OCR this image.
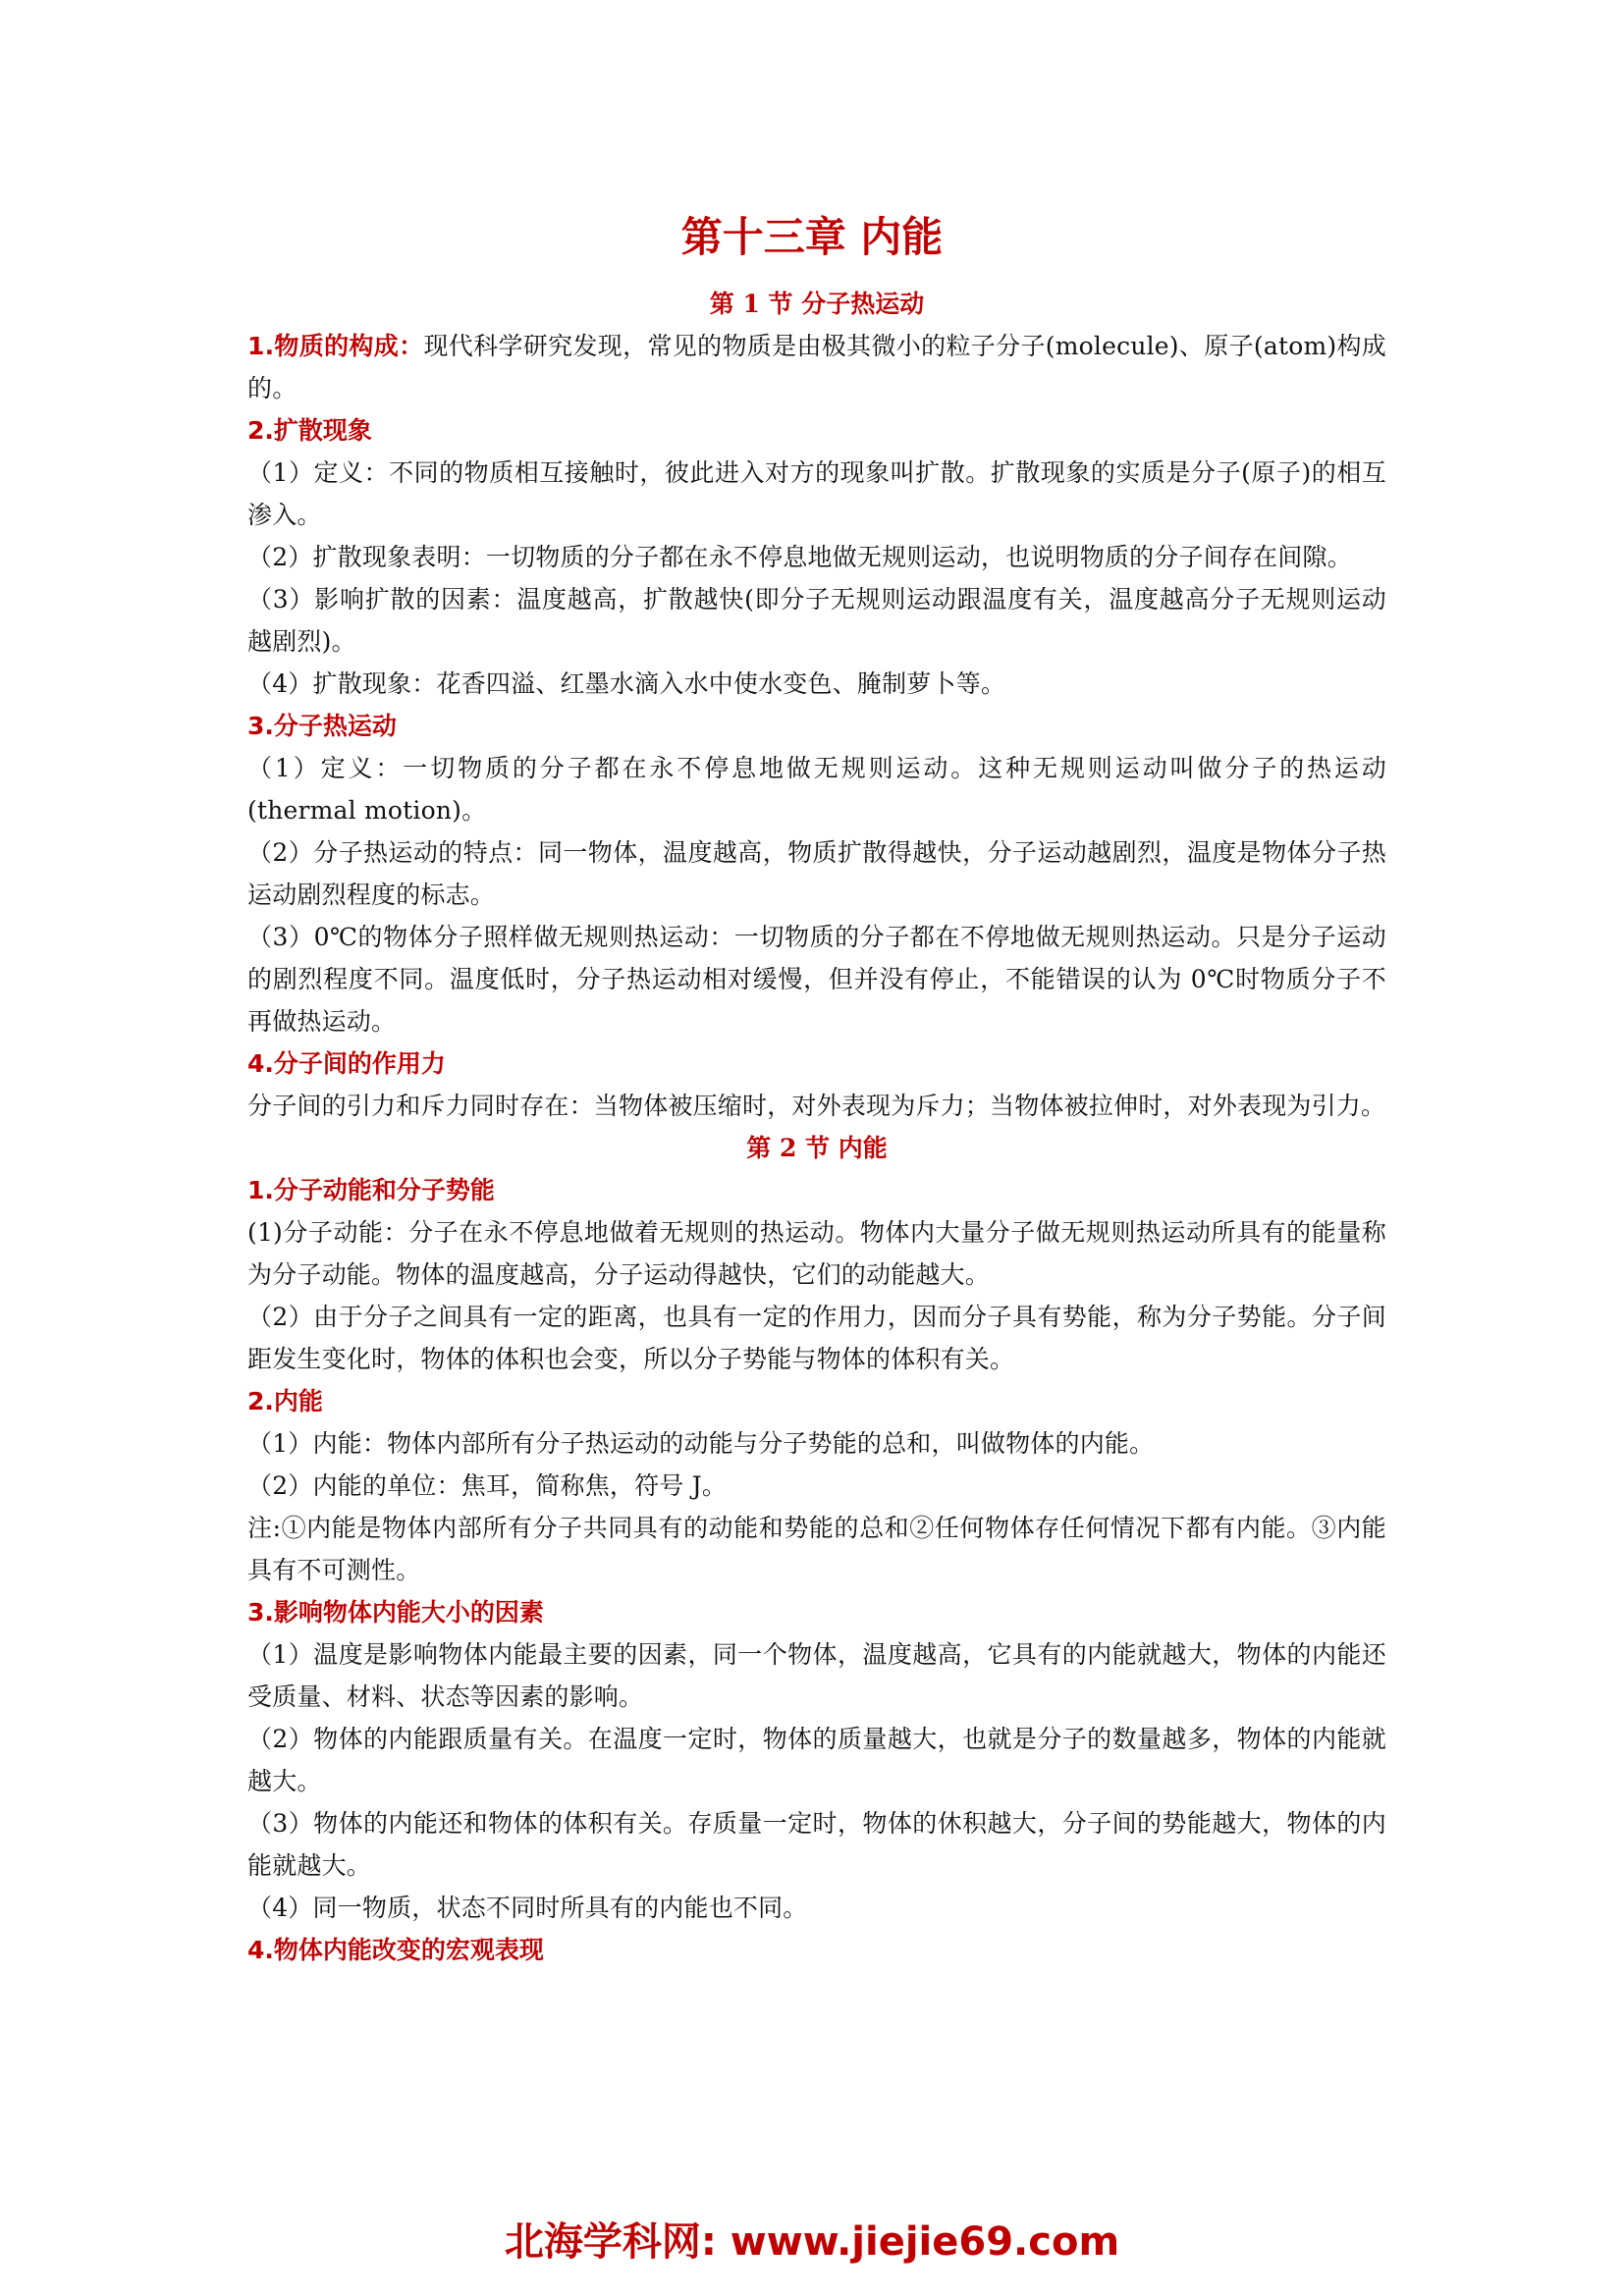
第十三章 内能
第 1 节 分子热运动

1.物质的构成：现代科学研究发现，常见的物质是由极其微小的粒子分子(molecule)、原子(atom)构成的。

2.扩散现象

（1）定义：不同的物质相互接触时，彼此进入对方的现象叫扩散。扩散现象的实质是分子(原子)的相互渗入。

（2）扩散现象表明：一切物质的分子都在永不停息地做无规则运动，也说明物质的分子间存在间隙。

（3）影响扩散的因素：温度越高，扩散越快(即分子无规则运动跟温度有关，温度越高分子无规则运动越剧烈)。

（4）扩散现象：花香四溢、红墨水滴入水中使水变色、腌制萝卜等。

3.分子热运动

（1）定义：一切物质的分子都在永不停息地做无规则运动。这种无规则运动叫做分子的热运动(thermal motion)。

（2）分子热运动的特点：同一物体，温度越高，物质扩散得越快，分子运动越剧烈，温度是物体分子热运动剧烈程度的标志。

（3）0℃的物体分子照样做无规则热运动：一切物质的分子都在不停地做无规则热运动。只是分子运动的剧烈程度不同。温度低时，分子热运动相对缓慢，但并没有停止，不能错误的认为 0℃时物质分子不再做热运动。

4.分子间的作用力

分子间的引力和斥力同时存在：当物体被压缩时，对外表现为斥力；当物体被拉伸时，对外表现为引力。

第 2 节 内能
1.分子动能和分子势能

(1)分子动能：分子在永不停息地做着无规则的热运动。物体内大量分子做无规则热运动所具有的能量称为分子动能。物体的温度越高，分子运动得越快，它们的动能越大。

（2）由于分子之间具有一定的距离，也具有一定的作用力，因而分子具有势能，称为分子势能。分子间距发生变化时，物体的体积也会变，所以分子势能与物体的体积有关。

2.内能

（1）内能：物体内部所有分子热运动的动能与分子势能的总和，叫做物体的内能。

（2）内能的单位：焦耳，简称焦，符号 J。

注:①内能是物体内部所有分子共同具有的动能和势能的总和②任何物体存任何情况下都有内能。③内能具有不可测性。

3.影响物体内能大小的因素

（1）温度是影响物体内能最主要的因素，同一个物体，温度越高，它具有的内能就越大，物体的内能还受质量、材料、状态等因素的影响。

（2）物体的内能跟质量有关。在温度一定时，物体的质量越大，也就是分子的数量越多，物体的内能就越大。

（3）物体的内能还和物体的体积有关。存质量一定时，物体的休积越大，分子间的势能越大，物体的内能就越大。

（4）同一物质，状态不同时所具有的内能也不同。

4.物体内能改变的宏观表现
北海学科网: www.jiejie69.com
